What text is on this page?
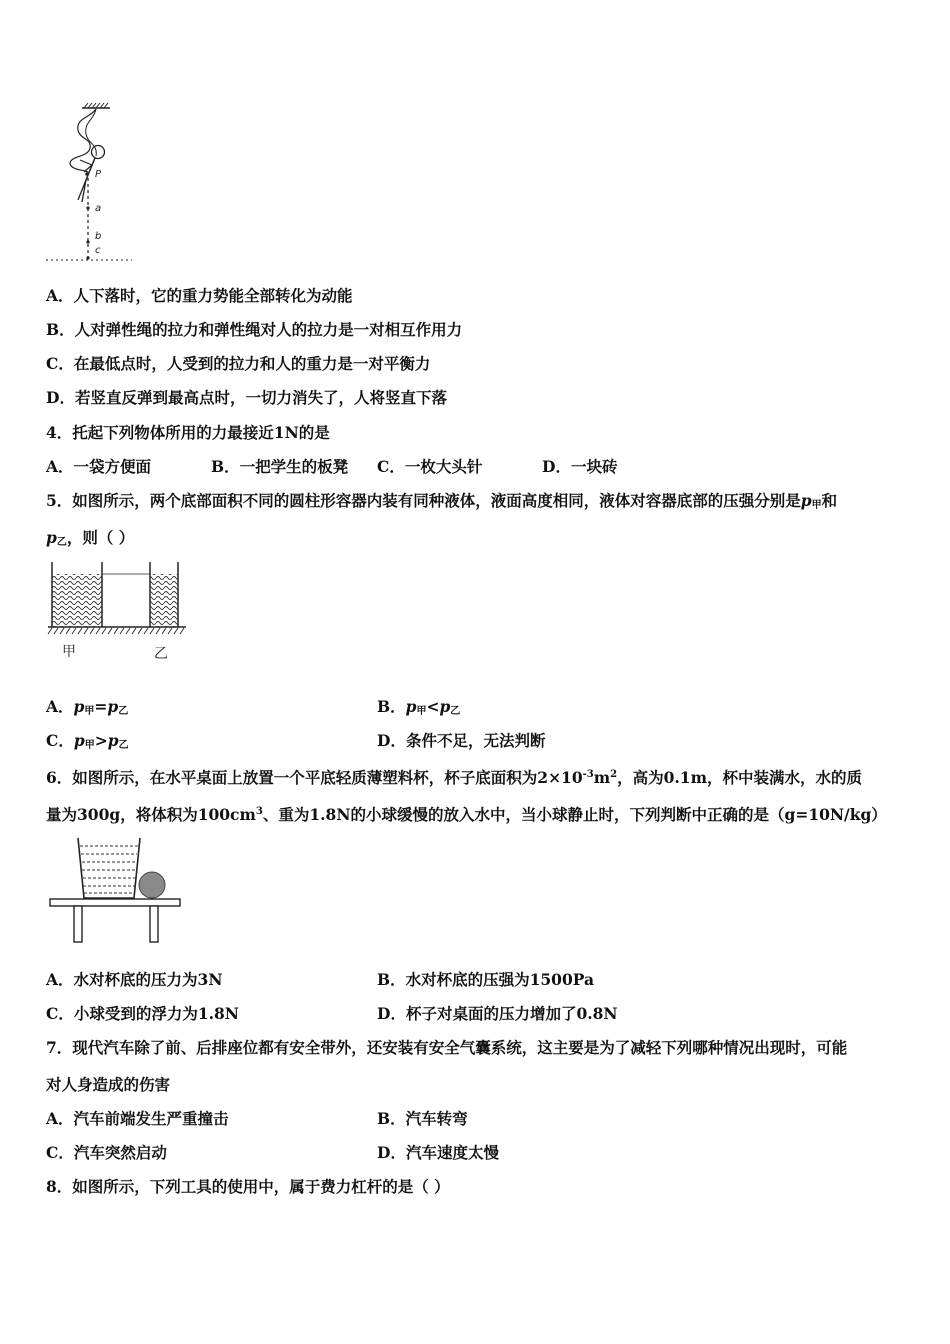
P
a
b
c
A．人下落时，它的重力势能全部转化为动能
B．人对弹性绳的拉力和弹性绳对人的拉力是一对相互作用力
C．在最低点时，人受到的拉力和人的重力是一对平衡力
D．若竖直反弹到最高点时，一切力消失了，人将竖直下落
4．托起下列物体所用的力最接近1N的是
A．一袋方便面	B．一把学生的板凳 C．一枚大头针	D．一块砖
5．如图所示，两个底部面积不同的圆柱形容器内装有同种液体，液面高度相同，液体对容器底部的压强分别是$p_甲$和
$p_乙$，则（ ）
甲	乙
A．$p_甲=p_乙$	B．$p_甲<p_乙$
C．$p_甲>p_乙$	D．条件不足，无法判断
6．如图所示，在水平桌面上放置一个平底轻质薄塑料杯，杯子底面积为$2\times 10^{-3}m^2$，高为0.1m，杯中装满水，水的质
量为300g，将体积为$100cm^3$、重为1.8N的小球缓慢的放入水中，当小球静止时，下列判断中正确的是（g=10N/kg）
A．水对杯底的压力为3N	B．水对杯底的压强为1500Pa
C．小球受到的浮力为1.8N	D．杯子对桌面的压力增加了0.8N
7．现代汽车除了前、后排座位都有安全带外，还安装有安全气囊系统，这主要是为了减轻下列哪种情况出现时，可能
对人身造成的伤害
A．汽车前端发生严重撞击	B．汽车转弯
C．汽车突然启动	D．汽车速度太慢
8．如图所示，下列工具的使用中，属于费力杠杆的是（ ）
